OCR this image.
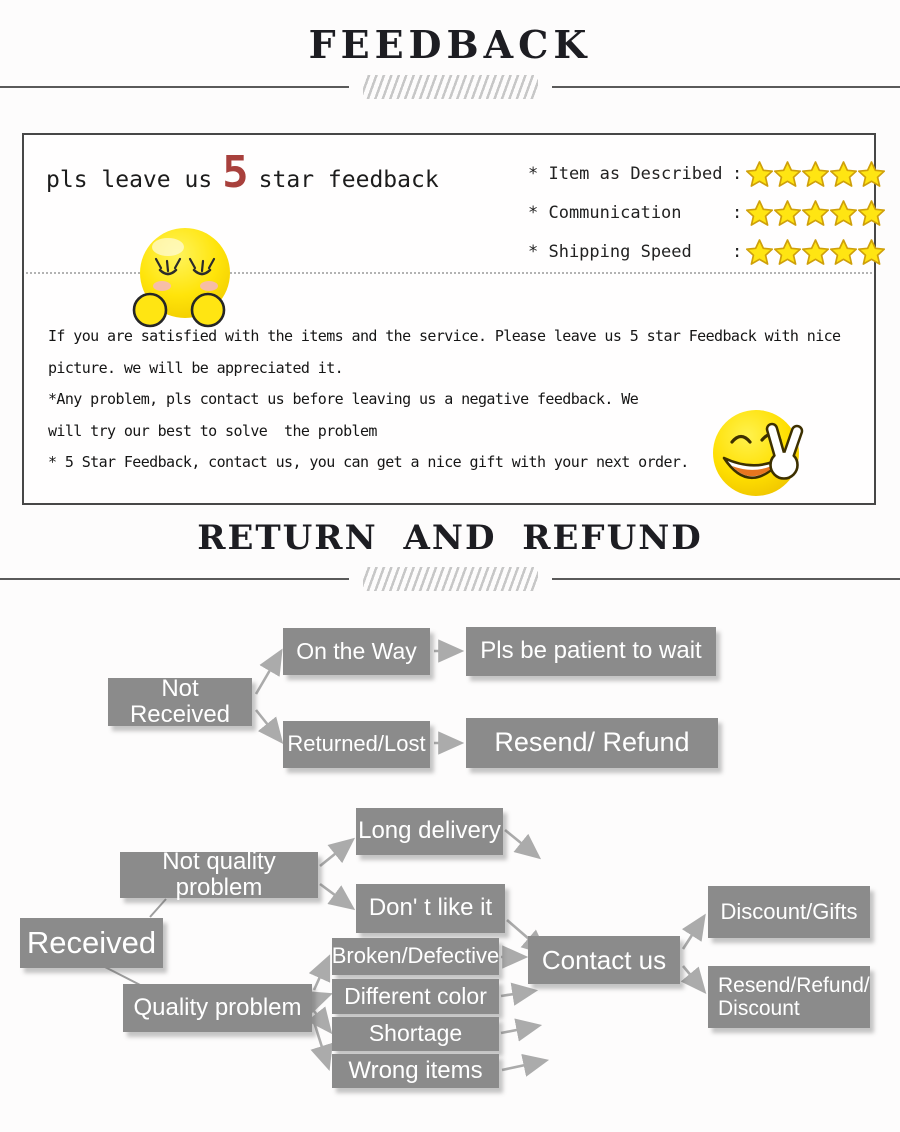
FEEDBACK
pls leave us 5 star feedback	* Item as Described :
* Communication	:
* Shipping Speed	:
If you are satisfied with the items and the service. Please leave us 5 star Feedback with nice
picture. we will be appreciated it.
*Any problem, pls contact us before leaving us a negative feedback. We
will try our best to solve  the problem
* 5 Star Feedback, contact us, you can get a nice gift with your next order.
RETURN AND REFUND
Not Received
On the Way	Pls be patient to wait
Returned/Lost	Resend/ Refund
Received
Not quality problem
Long delivery
Don' t like it
Quality problem
Broken/Defective
Different color
Shortage
Wrong items
Contact us
Discount/Gifts
Resend/Refund/
Discount
